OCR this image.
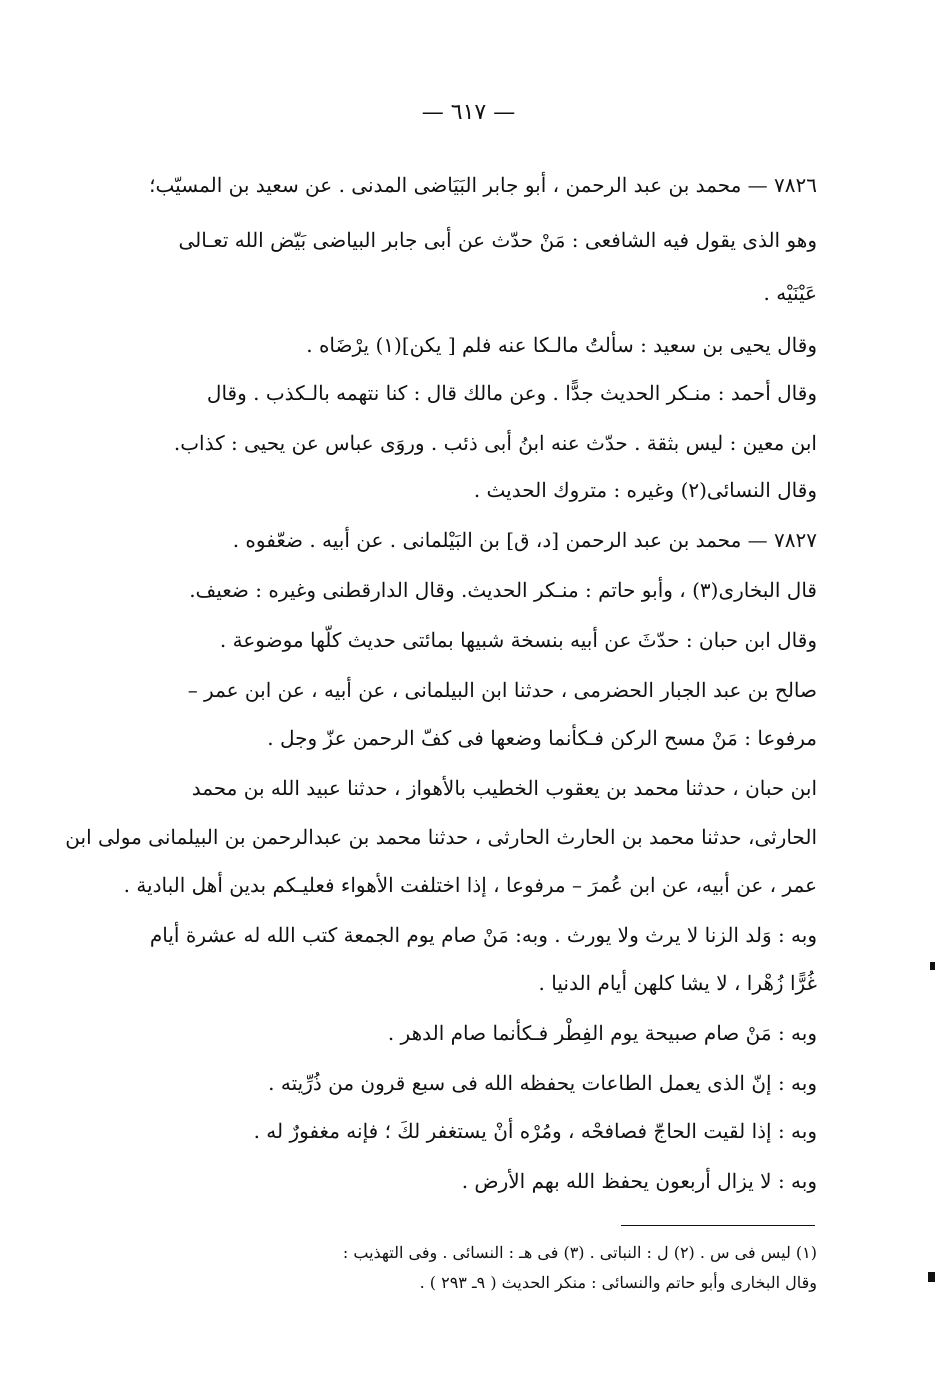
— ٦١٧ —
٧٨٢٦ — محمد بن عبد الرحمن ، أبو جابر البَيَاضى المدنى . عن سعيد بن المسيّب؛
وهو الذى يقول فيه الشافعى : مَنْ حدّث عن أبى جابر البياضى بَيّض الله تعـالى
عَيْنَيْه .
وقال يحيى بن سعيد : سألتُ مالـكا عنه فلم [ يكن](١) يرْضَاه .
وقال أحمد : منـكر الحديث جدًّا . وعن مالك قال : كنا نتهمه بالـكذب . وقال
ابن معين : ليس بثقة . حدّث عنه ابنُ أبى ذئب . وروَى عباس عن يحيى : كذاب.
وقال النسائى(٢) وغيره : متروك الحديث .
٧٨٢٧ — محمد بن عبد الرحمن [د، ق] بن البَيْلمانى . عن أبيه . ضعّفوه .
قال البخارى(٣) ، وأبو حاتم : منـكر الحديث. وقال الدارقطنى وغيره : ضعيف.
وقال ابن حبان : حدّثَ عن أبيه بنسخة شبيها بمائتى حديث كلّها موضوعة .
صالح بن عبد الجبار الحضرمى ، حدثنا ابن البيلمانى ، عن أبيه ، عن ابن عمر –
مرفوعا : مَنْ مسح الركن فـكأنما وضعها فى كفّ الرحمن عزّ وجل .
ابن حبان ، حدثنا محمد بن يعقوب الخطيب بالأهواز ، حدثنا عبيد الله بن محمد
الحارثى، حدثنا محمد بن الحارث الحارثى ، حدثنا محمد بن عبدالرحمن بن البيلمانى مولى ابن
عمر ، عن أبيه، عن ابن عُمرَ – مرفوعا ، إذا اختلفت الأهواء فعليـكم بدين أهل البادية .
وبه : وَلد الزنا لا يرث ولا يورث . وبه: مَنْ صام يوم الجمعة كتب الله له عشرة أيام
غُرًّا زُهْرا ، لا يشا كلهن أيام الدنيا .
وبه : مَنْ صام صبيحة يوم الفِطْر فـكأنما صام الدهر .
وبه : إنّ الذى يعمل الطاعات يحفظه الله فى سبع قرون من ذُرِّيته .
وبه : إذا لقيت الحاجّ فصافحْه ، ومُرْه أنْ يستغفر لكَ ؛ فإنه مغفورٌ له .
وبه : لا يزال أربعون يحفظ الله بهم الأرض .
(١) ليس فى س . (٢) ل : النباتى . (٣) فى هـ : النسائى . وفى التهذيب :
وقال البخارى وأبو حاتم والنسائى : منكر الحديث ( ٩ـ ٢٩٣ ) .
